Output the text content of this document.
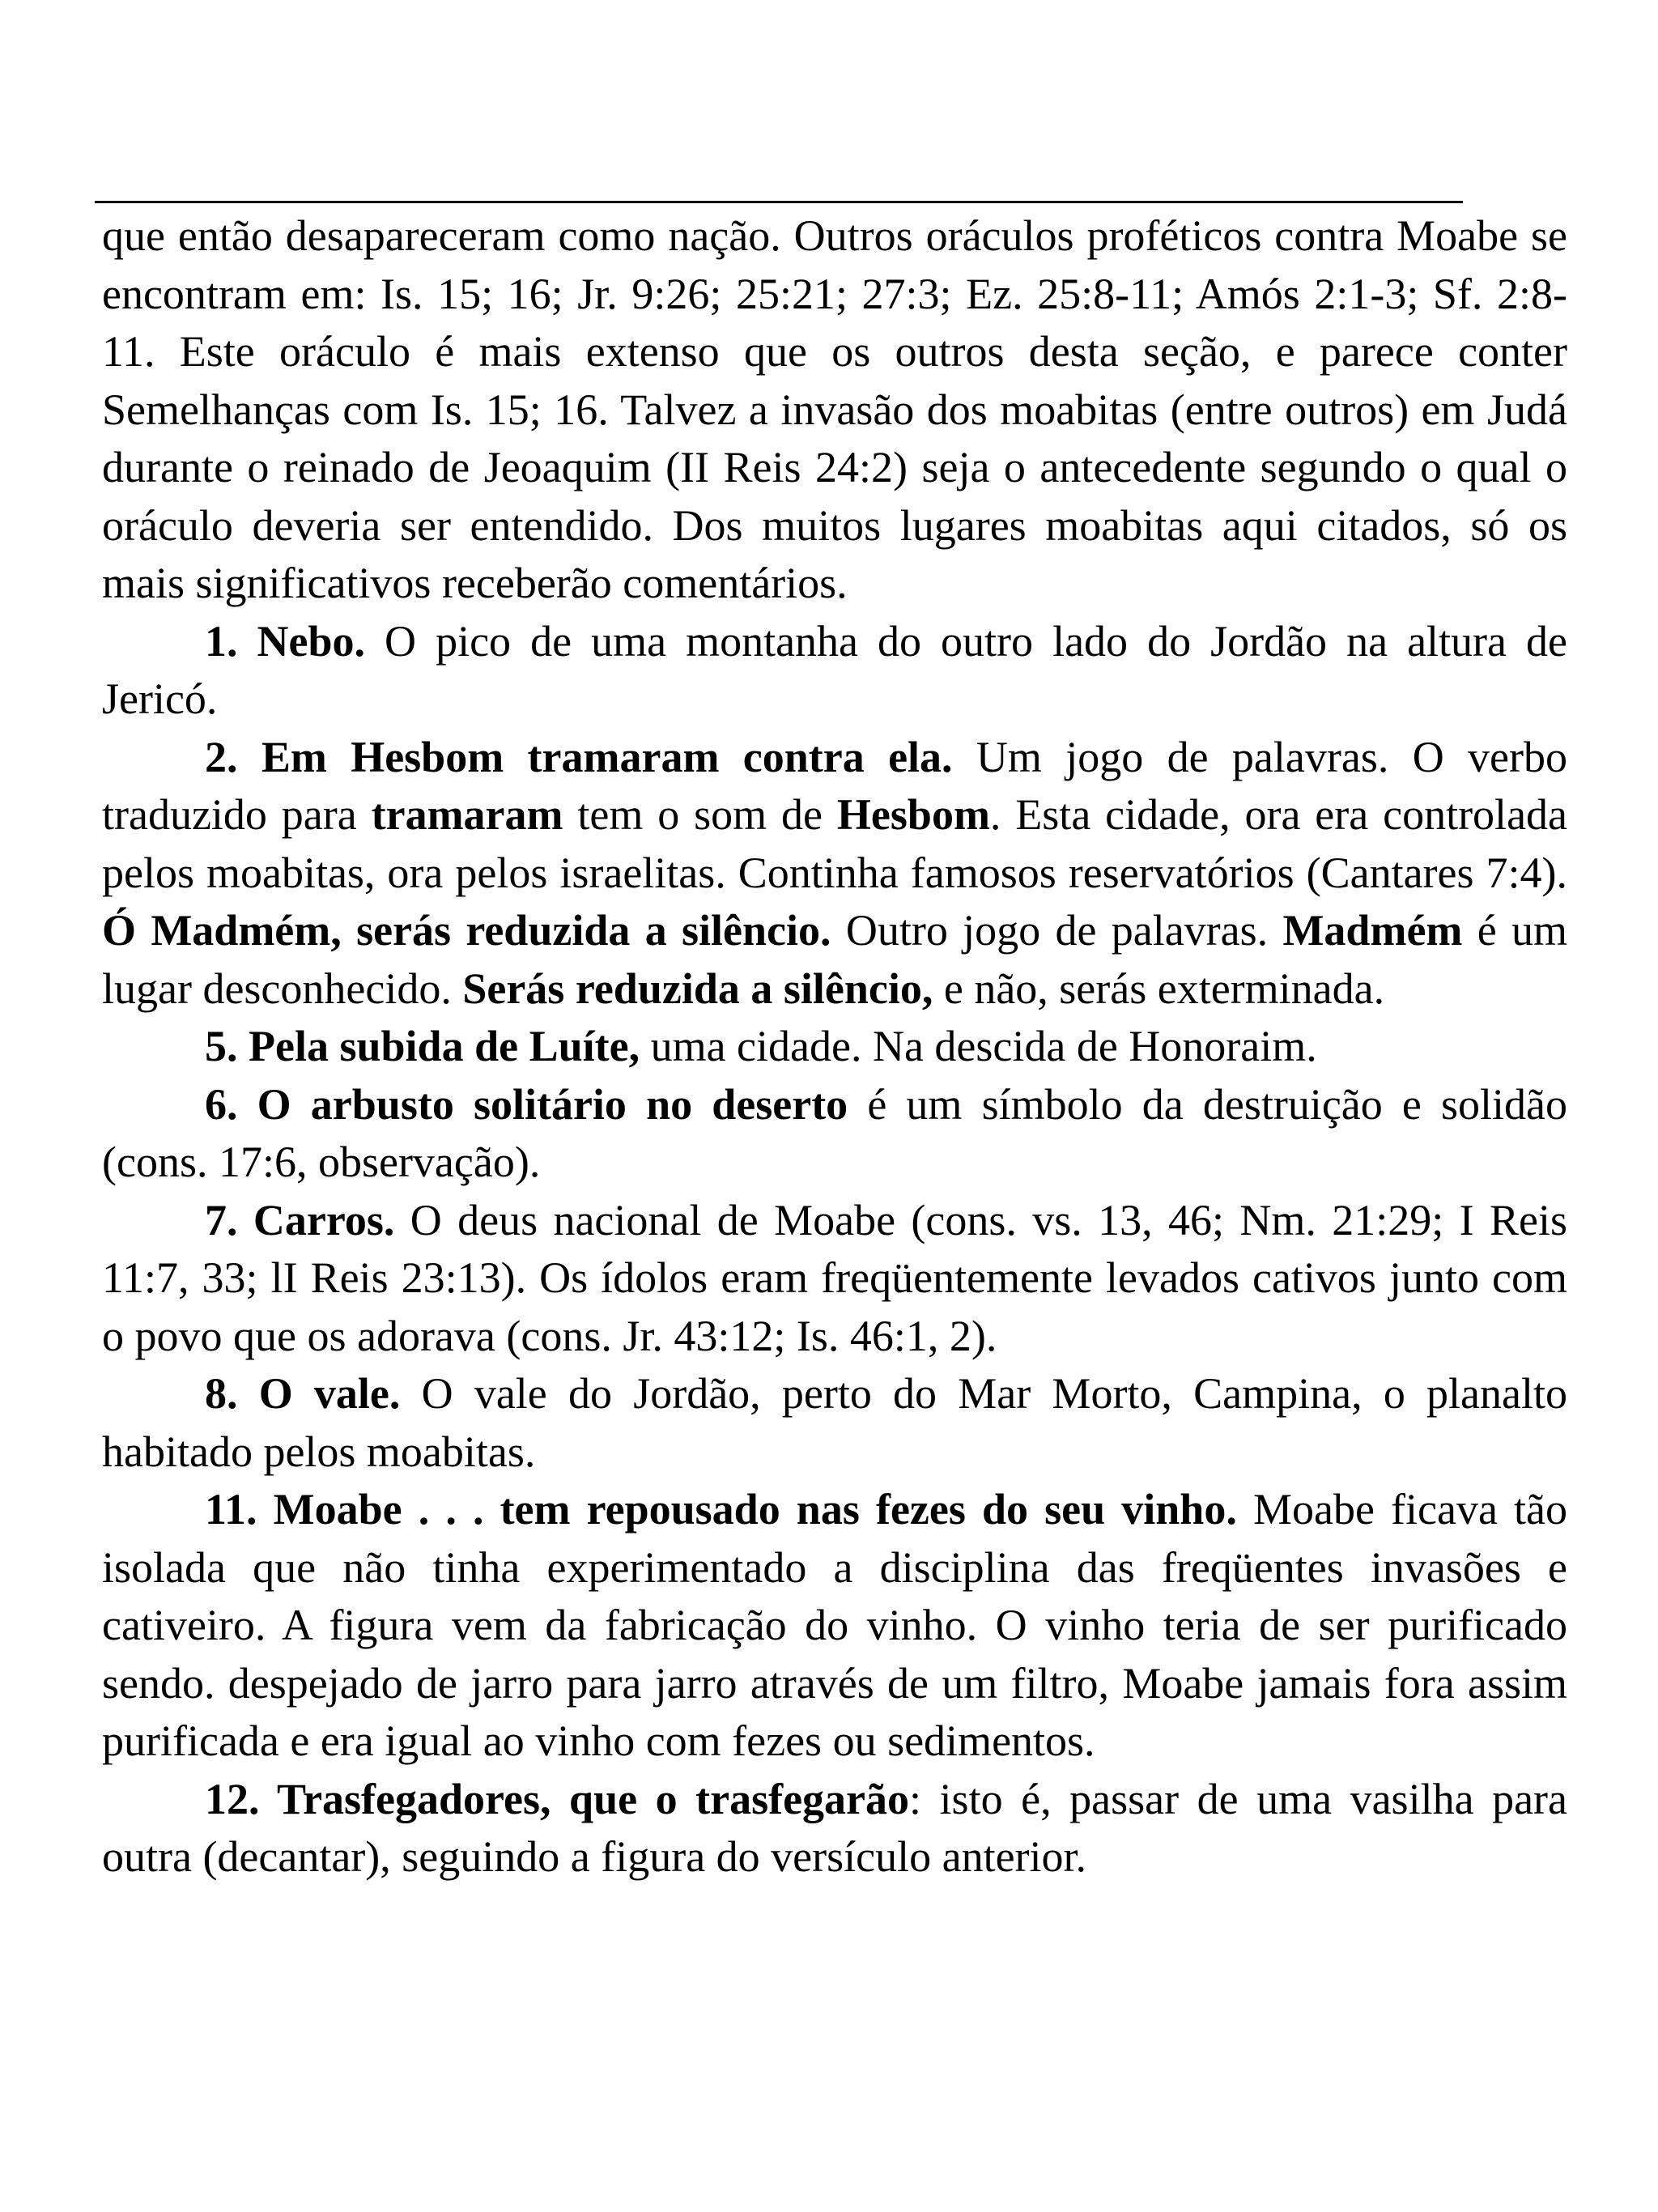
que então desapareceram como nação. Outros oráculos proféticos contra Moabe se encontram em: Is. 15; 16; Jr. 9:26; 25:21; 27:3; Ez. 25:8-11; Amós 2:1-3; Sf. 2:8-11. Este oráculo é mais extenso que os outros desta seção, e parece conter Semelhanças com Is. 15; 16. Talvez a invasão dos moabitas (entre outros) em Judá durante o reinado de Jeoaquim (II Reis 24:2) seja o antecedente segundo o qual o oráculo deveria ser entendido. Dos muitos lugares moabitas aqui citados, só os mais significativos receberão comentários.

1. Nebo. O pico de uma montanha do outro lado do Jordão na altura de Jericó.

2. Em Hesbom tramaram contra ela. Um jogo de palavras. O verbo traduzido para tramaram tem o som de Hesbom. Esta cidade, ora era controlada pelos moabitas, ora pelos israelitas. Continha famosos reservatórios (Cantares 7:4). Ó Madmém, serás reduzida a silêncio. Outro jogo de palavras. Madmém é um lugar desconhecido. Serás reduzida a silêncio, e não, serás exterminada.

5. Pela subida de Luíte, uma cidade. Na descida de Honoraim.

6. O arbusto solitário no deserto é um símbolo da destruição e solidão (cons. 17:6, observação).

7. Carros. O deus nacional de Moabe (cons. vs. 13, 46; Nm. 21:29; I Reis 11:7, 33; lI Reis 23:13). Os ídolos eram freqüentemente levados cativos junto com o povo que os adorava (cons. Jr. 43:12; Is. 46:1, 2).

8. O vale. O vale do Jordão, perto do Mar Morto, Campina, o planalto habitado pelos moabitas.

11. Moabe . . . tem repousado nas fezes do seu vinho. Moabe ficava tão isolada que não tinha experimentado a disciplina das freqüentes invasões e cativeiro. A figura vem da fabricação do vinho. O vinho teria de ser purificado sendo. despejado de jarro para jarro através de um filtro, Moabe jamais fora assim purificada e era igual ao vinho com fezes ou sedimentos.

12. Trasfegadores, que o trasfegarão: isto é, passar de uma vasilha para outra (decantar), seguindo a figura do versículo anterior.
